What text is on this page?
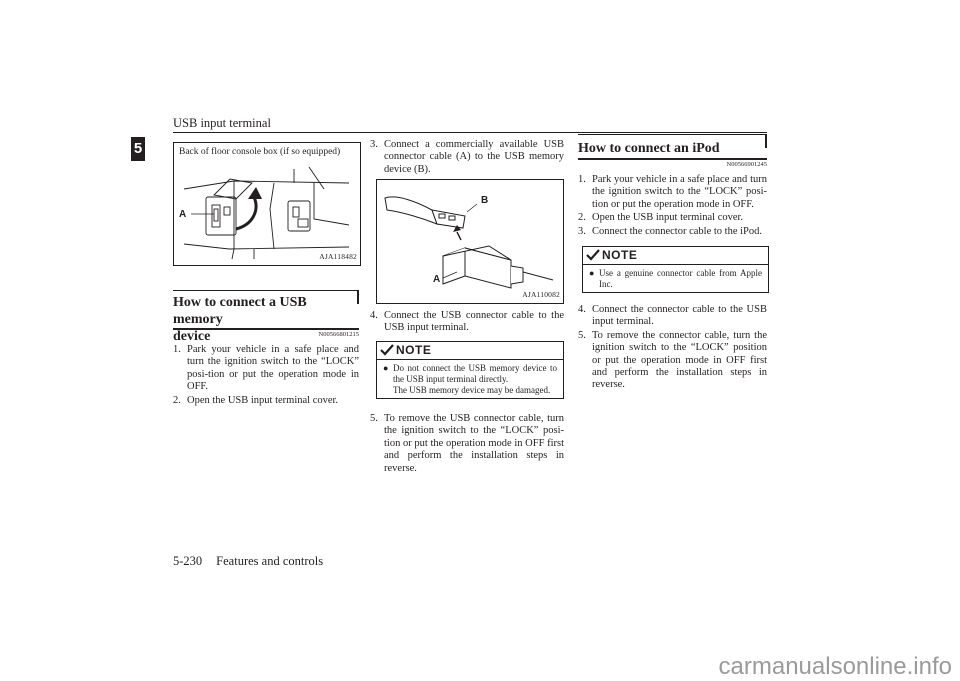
USB input terminal
5	Back of floor console box (if so equipped)
A
AJA118482
How to connect a USB memory
device	N00566801215
1. Park your vehicle in a safe place and turn the ignition switch to the “LOCK” posi-tion or put the operation mode in OFF.
2. Open the USB input terminal cover.
3. Connect a commercially available USB connector cable (A) to the USB memory device (B).
B
A
AJA110082
4. Connect the USB connector cable to the USB input terminal.
NOTE
● Do not connect the USB memory device to the USB input terminal directly.
The USB memory device may be damaged.
5. To remove the USB connector cable, turn the ignition switch to the “LOCK” posi-tion or put the operation mode in OFF first and perform the installation steps in reverse.
How to connect an iPod
N00566901245
1. Park your vehicle in a safe place and turn the ignition switch to the “LOCK” posi-tion or put the operation mode in OFF.
2. Open the USB input terminal cover.
3. Connect the connector cable to the iPod.
NOTE
● Use a genuine connector cable from Apple Inc.
4. Connect the connector cable to the USB input terminal.
5. To remove the connector cable, turn the ignition switch to the “LOCK” position or put the operation mode in OFF first and perform the installation steps in reverse.
5-230 Features and controls
carmanualsonline.info
